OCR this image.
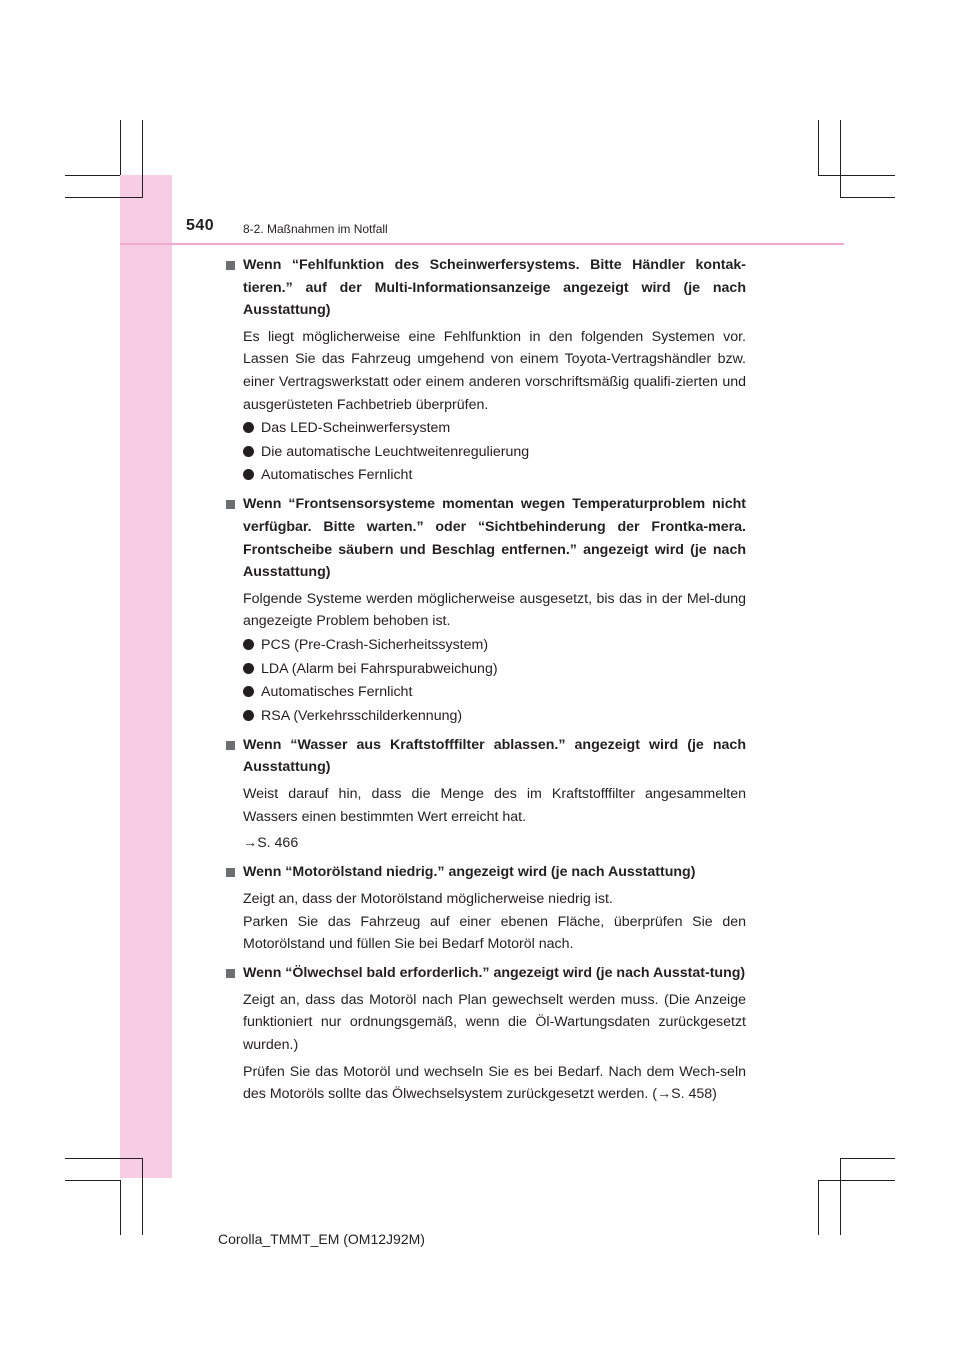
540 8-2. Maßnahmen im Notfall
Wenn “Fehlfunktion des Scheinwerfersystems. Bitte Händler kontak-tieren.” auf der Multi-Informationsanzeige angezeigt wird (je nach Ausstattung)
Es liegt möglicherweise eine Fehlfunktion in den folgenden Systemen vor. Lassen Sie das Fahrzeug umgehend von einem Toyota-Vertragshändler bzw. einer Vertragswerkstatt oder einem anderen vorschriftsmäßig qualifi-zierten und ausgerüsteten Fachbetrieb überprüfen.
Das LED-Scheinwerfersystem
Die automatische Leuchtweitenregulierung
Automatisches Fernlicht
Wenn “Frontsensorsysteme momentan wegen Temperaturproblem nicht verfügbar. Bitte warten.” oder “Sichtbehinderung der Frontka-mera. Frontscheibe säubern und Beschlag entfernen.” angezeigt wird (je nach Ausstattung)
Folgende Systeme werden möglicherweise ausgesetzt, bis das in der Mel-dung angezeigte Problem behoben ist.
PCS (Pre-Crash-Sicherheitssystem)
LDA (Alarm bei Fahrspurabweichung)
Automatisches Fernlicht
RSA (Verkehrsschilderkennung)
Wenn “Wasser aus Kraftstofffilter ablassen.” angezeigt wird (je nach Ausstattung)
Weist darauf hin, dass die Menge des im Kraftstofffilter angesammelten Wassers einen bestimmten Wert erreicht hat.
→S. 466
Wenn “Motorölstand niedrig.” angezeigt wird (je nach Ausstattung)
Zeigt an, dass der Motorölstand möglicherweise niedrig ist.
Parken Sie das Fahrzeug auf einer ebenen Fläche, überprüfen Sie den Motorölstand und füllen Sie bei Bedarf Motoröl nach.
Wenn “Ölwechsel bald erforderlich.” angezeigt wird (je nach Ausstat-tung)
Zeigt an, dass das Motoröl nach Plan gewechselt werden muss. (Die Anzeige funktioniert nur ordnungsgemäß, wenn die Öl-Wartungsdaten zurückgesetzt wurden.)
Prüfen Sie das Motoröl und wechseln Sie es bei Bedarf. Nach dem Wech-seln des Motoröls sollte das Ölwechselsystem zurückgesetzt werden. (→S. 458)
Corolla_TMMT_EM (OM12J92M)
